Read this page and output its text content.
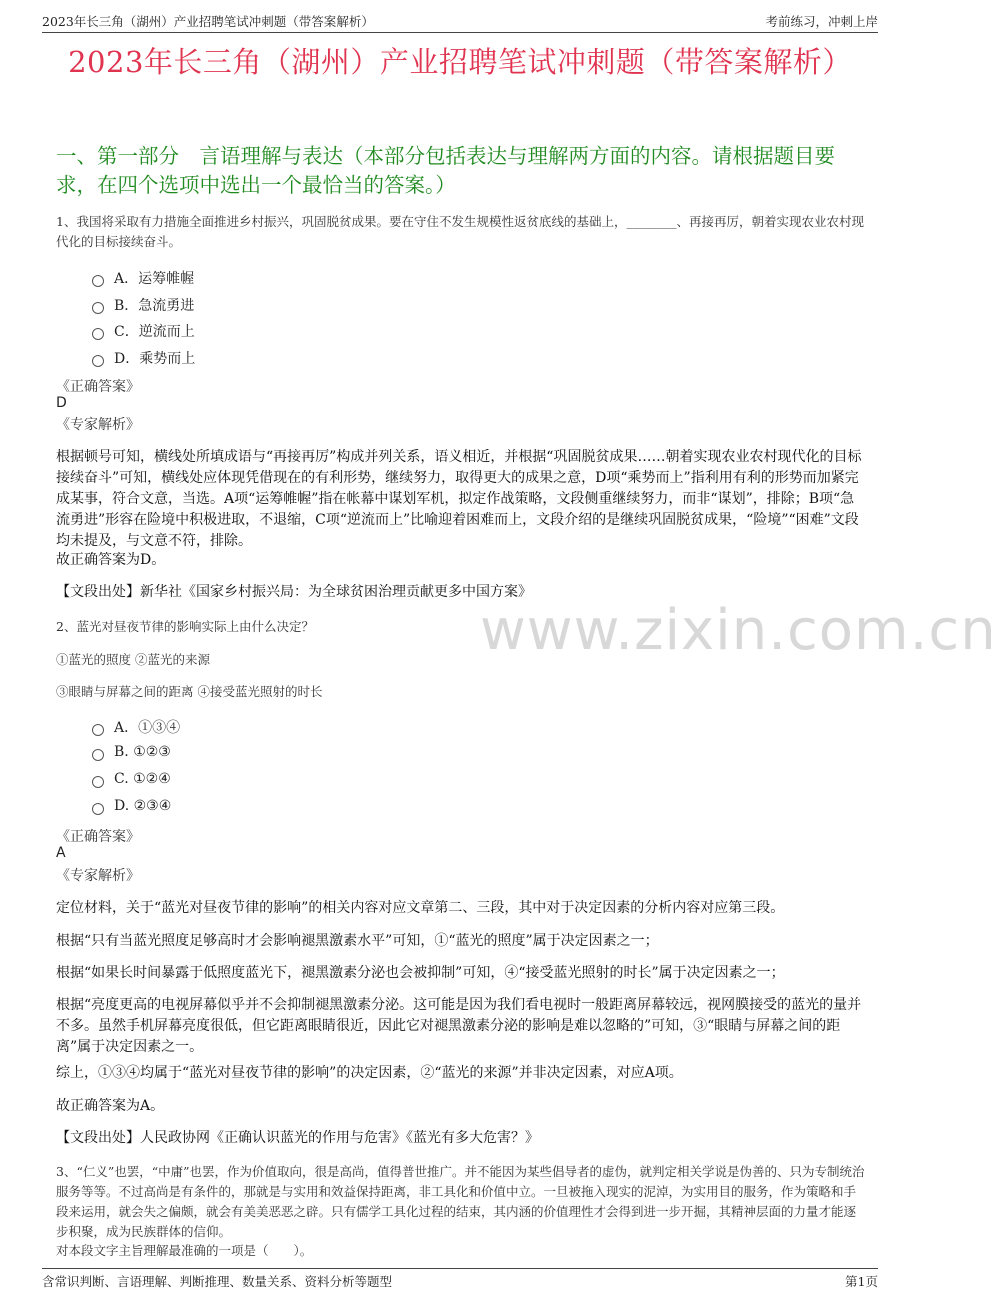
2023年长三角（湖州）产业招聘笔试冲刺题（带答案解析）	考前练习，冲刺上岸
2023年长三角（湖州）产业招聘笔试冲刺题（带答案解析）
一、第一部分　言语理解与表达（本部分包括表达与理解两方面的内容。请根据题目要求，在四个选项中选出一个最恰当的答案。）
www.zixin.com.cn
1、我国将采取有力措施全面推进乡村振兴，巩固脱贫成果。要在守住不发生规模性返贫底线的基础上，________、再接再厉，朝着实现农业农村现代化的目标接续奋斗。
A．运筹帷幄
B．急流勇进
C．逆流而上
D．乘势而上
《正确答案》
D
《专家解析》
根据顿号可知，横线处所填成语与“再接再厉”构成并列关系，语义相近，并根据“巩固脱贫成果……朝着实现农业农村现代化的目标接续奋斗”可知，横线处应体现凭借现在的有利形势，继续努力，取得更大的成果之意，D项“乘势而上”指利用有利的形势而加紧完成某事，符合文意，当选。A项“运筹帷幄”指在帐幕中谋划军机，拟定作战策略，文段侧重继续努力，而非“谋划”，排除；B项“急流勇进”形容在险境中积极进取，不退缩，C项“逆流而上”比喻迎着困难而上，文段介绍的是继续巩固脱贫成果，“险境”“困难”文段均未提及，与文意不符，排除。
故正确答案为D。
【文段出处】新华社《国家乡村振兴局：为全球贫困治理贡献更多中国方案》
2、蓝光对昼夜节律的影响实际上由什么决定？
①蓝光的照度 ②蓝光的来源
③眼睛与屏幕之间的距离 ④接受蓝光照射的时长
A．①③④
B. ①②③
C. ①②④
D. ②③④
《正确答案》
A
《专家解析》
定位材料，关于“蓝光对昼夜节律的影响”的相关内容对应文章第二、三段，其中对于决定因素的分析内容对应第三段。
根据“只有当蓝光照度足够高时才会影响褪黑激素水平”可知，①“蓝光的照度”属于决定因素之一；
根据“如果长时间暴露于低照度蓝光下，褪黑激素分泌也会被抑制”可知，④“接受蓝光照射的时长”属于决定因素之一；
根据“亮度更高的电视屏幕似乎并不会抑制褪黑激素分泌。这可能是因为我们看电视时一般距离屏幕较远，视网膜接受的蓝光的量并不多。虽然手机屏幕亮度很低，但它距离眼睛很近，因此它对褪黑激素分泌的影响是难以忽略的”可知，③“眼睛与屏幕之间的距离”属于决定因素之一。
综上，①③④均属于“蓝光对昼夜节律的影响”的决定因素，②“蓝光的来源”并非决定因素，对应A项。
故正确答案为A。
【文段出处】人民政协网《正确认识蓝光的作用与危害》《蓝光有多大危害？》
3、“仁义”也罢，“中庸”也罢，作为价值取向，很是高尚，值得普世推广。并不能因为某些倡导者的虚伪，就判定相关学说是伪善的、只为专制统治服务等等。不过高尚是有条件的，那就是与实用和效益保持距离，非工具化和价值中立。一旦被拖入现实的泥淖，为实用目的服务，作为策略和手段来运用，就会失之偏颇，就会有美美恶恶之辟。只有儒学工具化过程的结束，其内涵的价值理性才会得到进一步开掘，其精神层面的力量才能逐步积聚，成为民族群体的信仰。
对本段文字主旨理解最准确的一项是（　　）。
含常识判断、言语理解、判断推理、数量关系、资料分析等题型	第1页
